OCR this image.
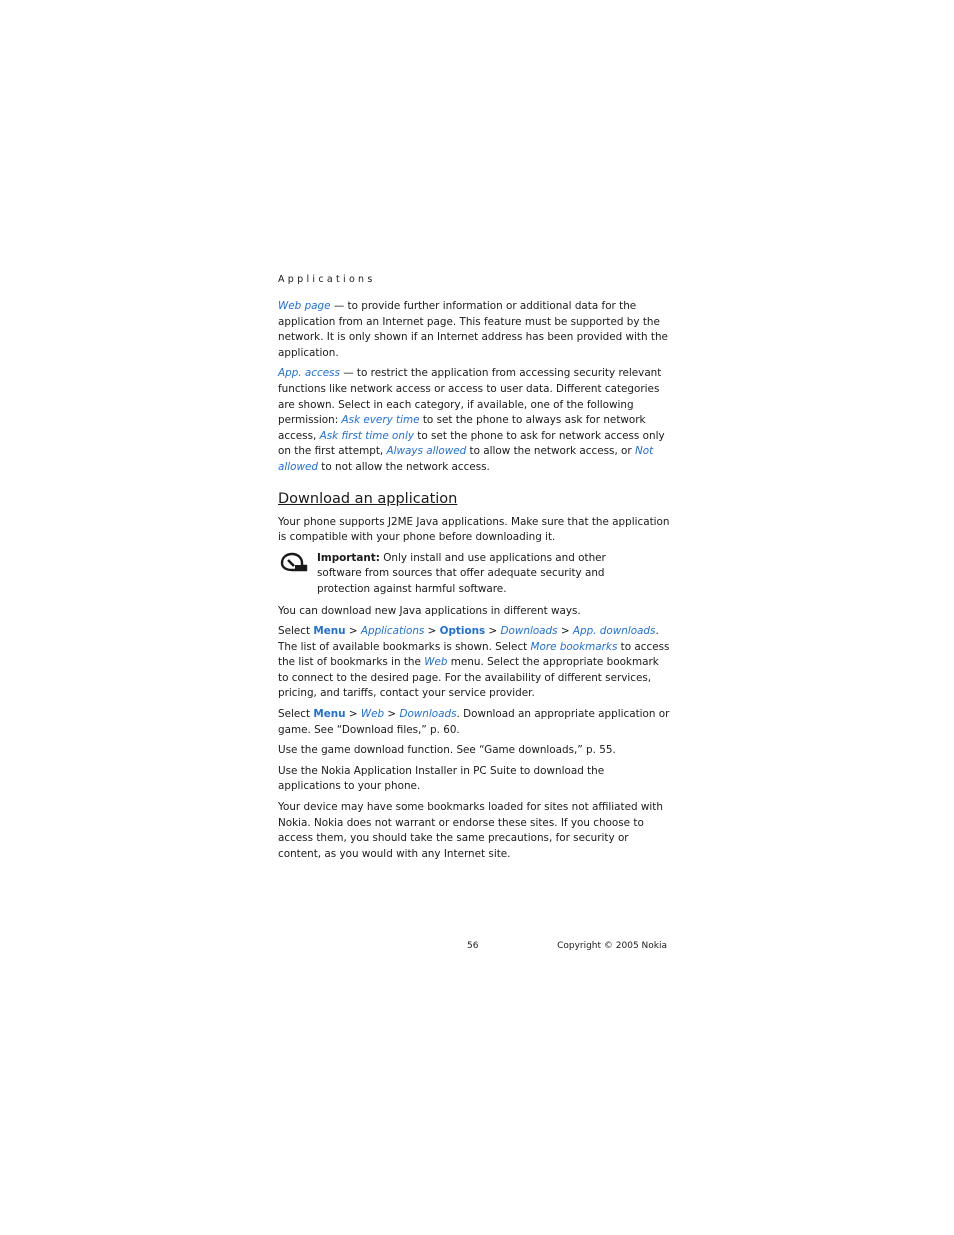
Applications

Web page — to provide further information or additional data for the application from an Internet page. This feature must be supported by the network. It is only shown if an Internet address has been provided with the application.

App. access — to restrict the application from accessing security relevant functions like network access or access to user data. Different categories are shown. Select in each category, if available, one of the following permission: Ask every time to set the phone to always ask for network access, Ask first time only to set the phone to ask for network access only on the first attempt, Always allowed to allow the network access, or Not allowed to not allow the network access.

Download an application

Your phone supports J2ME Java applications. Make sure that the application is compatible with your phone before downloading it.

Important: Only install and use applications and other software from sources that offer adequate security and protection against harmful software.

You can download new Java applications in different ways.

Select Menu > Applications > Options > Downloads > App. downloads. The list of available bookmarks is shown. Select More bookmarks to access the list of bookmarks in the Web menu. Select the appropriate bookmark to connect to the desired page. For the availability of different services, pricing, and tariffs, contact your service provider.

Select Menu > Web > Downloads. Download an appropriate application or game. See “Download files,” p. 60.

Use the game download function. See “Game downloads,” p. 55.

Use the Nokia Application Installer in PC Suite to download the applications to your phone.

Your device may have some bookmarks loaded for sites not affiliated with Nokia. Nokia does not warrant or endorse these sites. If you choose to access them, you should take the same precautions, for security or content, as you would with any Internet site.

56	Copyright © 2005 Nokia
